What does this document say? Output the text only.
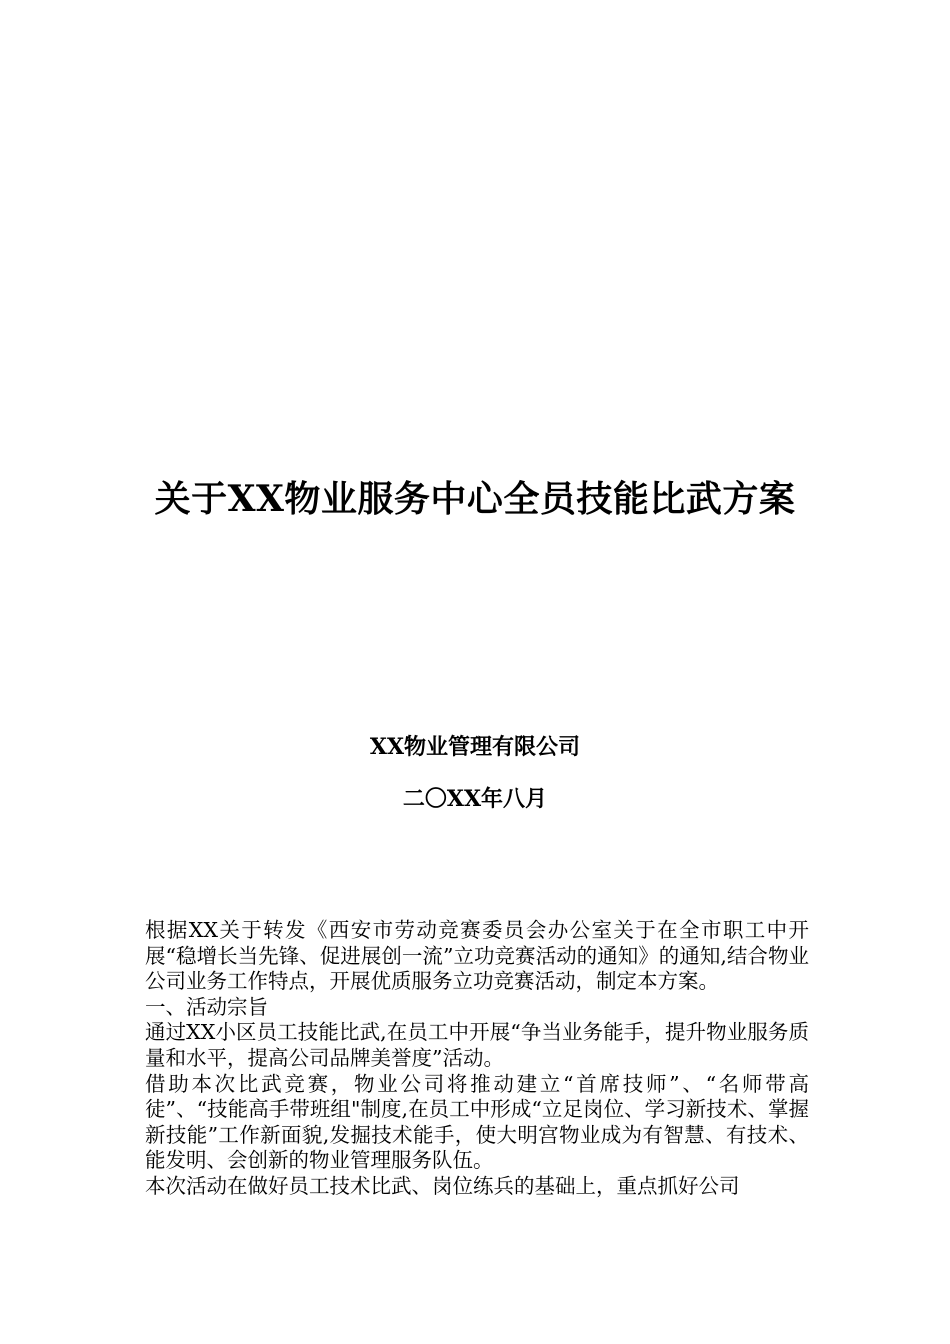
关于XX物业服务中心全员技能比武方案
XX物业管理有限公司
二〇XX年八月

根据XX关于转发《西安市劳动竞赛委员会办公室关于在全市职工中开展“稳增长当先锋、促进展创一流”立功竞赛活动的通知》的通知,结合物业公司业务工作特点，开展优质服务立功竞赛活动，制定本方案。

一、活动宗旨

通过XX小区员工技能比武,在员工中开展“争当业务能手，提升物业服务质量和水平，提高公司品牌美誉度”活动。

借助本次比武竞赛，物业公司将推动建立“首席技师”、“名师带高徒”、“技能高手带班组"制度,在员工中形成“立足岗位、学习新技术、掌握新技能”工作新面貌,发掘技术能手，使大明宫物业成为有智慧、有技术、能发明、会创新的物业管理服务队伍。

本次活动在做好员工技术比武、岗位练兵的基础上，重点抓好公司
